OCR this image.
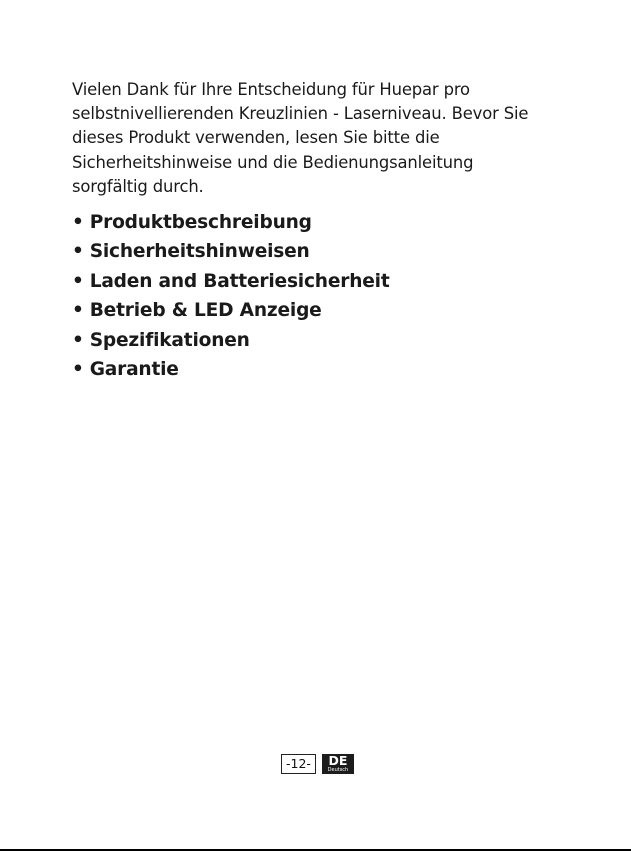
Vielen Dank für Ihre Entscheidung für Huepar pro
selbstnivellierenden Kreuzlinien - Laserniveau. Bevor Sie
dieses Produkt verwenden, lesen Sie bitte die
Sicherheitshinweise und die Bedienungsanleitung
sorgfältig durch.

• Produktbeschreibung
• Sicherheitshinweisen
• Laden and Batteriesicherheit
• Betrieb & LED Anzeige
• Spezifikationen
• Garantie
-12-	DE
Deutsch
